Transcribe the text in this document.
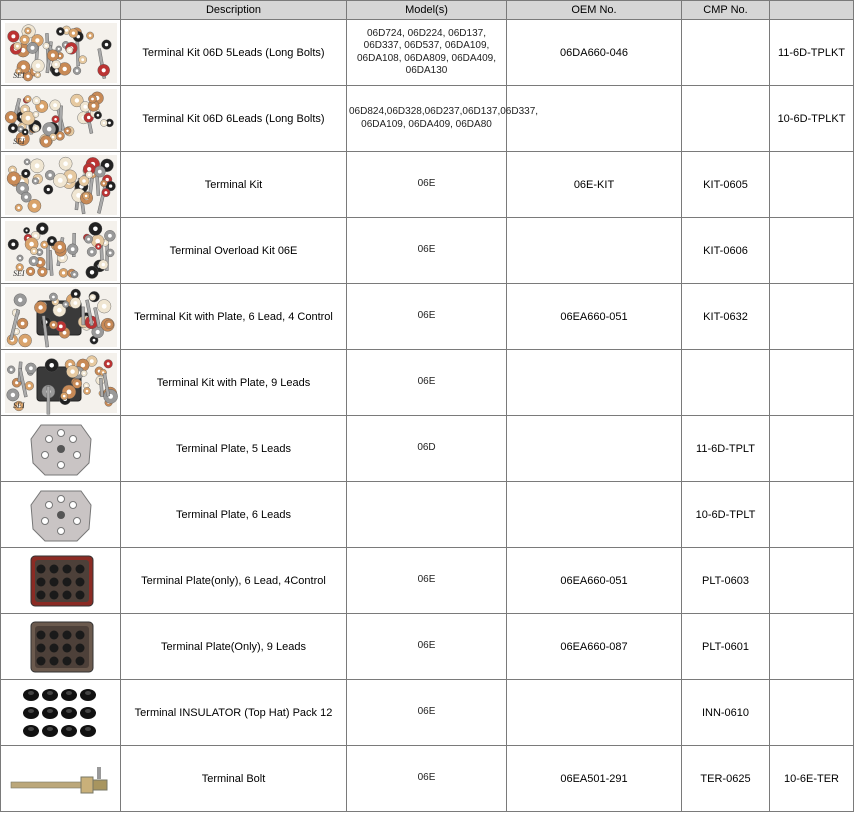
	Description	Model(s)	OEM No.	CMP No.	

SEI	Terminal Kit 06D 5Leads (Long Bolts)	06D724, 06D224, 06D137, 06D337, 06D537, 06DA109, 06DA108, 06DA809, 06DA409, 06DA130	06DA660-046		11-6D-TPLKT

SEI	Terminal Kit 06D 6Leads (Long Bolts)	06D824,06D328,06D237,06D137,06D337, 06DA109, 06DA409, 06DA80			10-6D-TPLKT

	Terminal Kit	06E	06E-KIT	KIT-0605	

SEI	Terminal Overload Kit 06E	06E		KIT-0606	

	Terminal Kit with Plate, 6 Lead, 4 Control	06E	06EA660-051	KIT-0632	

SEI	Terminal Kit with Plate, 9 Leads	06E			

	Terminal Plate, 5 Leads	06D		11-6D-TPLT	

	Terminal Plate, 6 Leads			10-6D-TPLT	

	Terminal Plate(only), 6 Lead, 4Control	06E	06EA660-051	PLT-0603	

	Terminal Plate(Only), 9 Leads	06E	06EA660-087	PLT-0601	

	Terminal INSULATOR (Top Hat) Pack 12	06E		INN-0610	

	Terminal Bolt	06E	06EA501-291	TER-0625	10-6E-TER
